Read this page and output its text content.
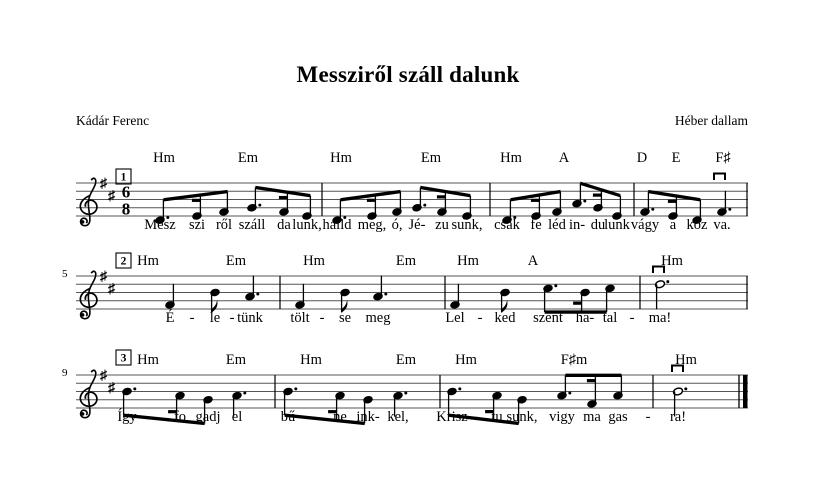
Messziről száll dalunk
Kádár Ferenc	Héber dallam
♯
♯ 6
8
1
Hm	Em
Mesz szi ről száll da lunk,
Hm	Em
halld meg, ó, Jé- zu sunk,
Hm	A
csak fe léd in- du
lunk
D E F♯
vágy a koz va.
♯
♯
2
5
Hm	Em
É le tünk
- -
Hm	Em
tölt se meg
-
Hm	A
Lel ked szent ha- tal
-	-
Hm
ma!
♯
♯
3
9
Hm	Em
Így	fo gadj el
Hm	Em
bű	ne ink- kel,
-
Hm	F♯m
Krisz tu sunk, vigy ma gas
-	-
Hm
ra!
